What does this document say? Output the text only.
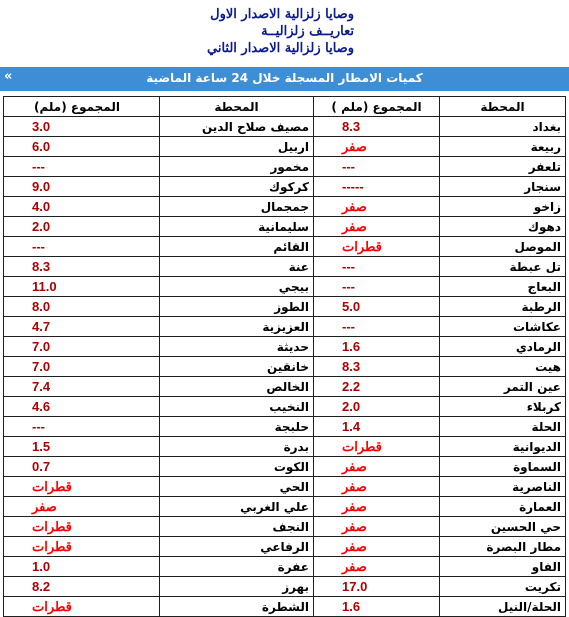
وصايا زلزالية الاصدار الاول
تعاريــف زلزاليــة
وصايا زلزالية الاصدار الثاني
«	كميات الامطار المسجلة خلال 24 ساعة الماضية
المجموع (ملم)	المحطة	المجموع (ملم )	المحطة
3.0	مصيف صلاح الدين	8.3	بغداد
6.0	اربيل	صفر	ربيعة
---	مخمور	---	تلعفر
9.0	كركوك	-----	سنجار
4.0	جمجمال	صفر	زاخو
2.0	سليمانية	صفر	دهوك
---	القائم	قطرات	الموصل
8.3	عنة	---	تل عبطة
11.0	بيجي	---	البعاج
8.0	الطوز	5.0	الرطبة
4.7	العزيزية	---	عكاشات
7.0	حديثة	1.6	الرمادي
7.0	خانقين	8.3	هيت
7.4	الخالص	2.2	عين التمر
4.6	النخيب	2.0	كربلاء
---	حلبجة	1.4	الحلة
1.5	بدرة	قطرات	الديوانية
0.7	الكوت	صفر	السماوة
قطرات	الحي	صفر	الناصرية
صفر	علي الغربي	صفر	العمارة
قطرات	النجف	صفر	حي الحسين
قطرات	الرفاعي	صفر	مطار البصرة
1.0	عفرة	صفر	الفاو
8.2	بهرز	17.0	تكريت
قطرات	الشطرة	1.6	الحلة/النيل
